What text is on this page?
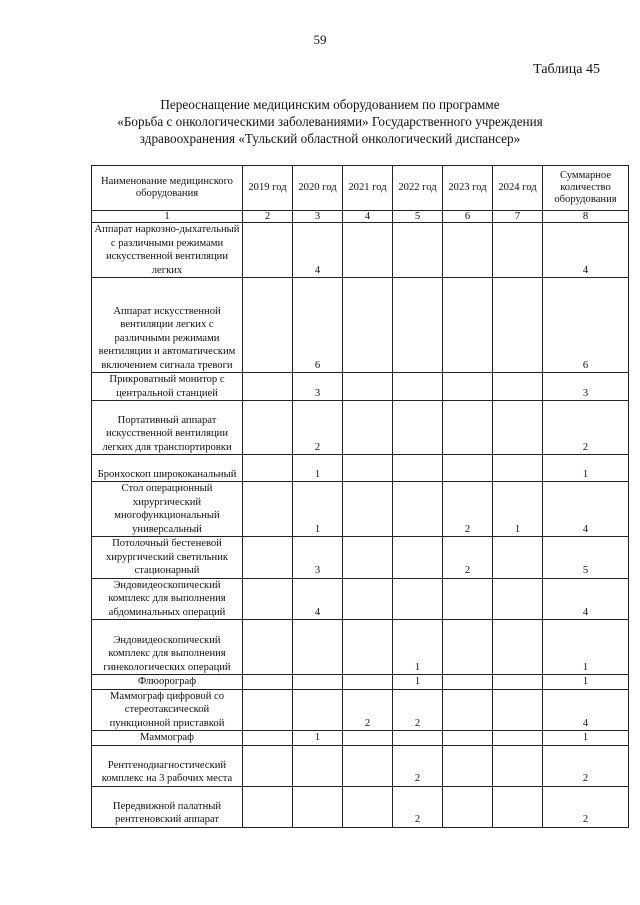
59
Таблица 45
Переоснащение медицинским оборудованием по программе
«Борьба с онкологическими заболеваниями» Государственного учреждения
здравоохранения «Тульский областной онкологический диспансер»
Наименование медицинского оборудования	2019 год	2020 год	2021 год	2022 год	2023 год	2024 год	Суммарное количество оборудования
1	2	3	4	5	6	7	8
Аппарат наркозно-дыхательный с различными режимами искусственной вентиляции легких		4					4
Аппарат искусственной вентиляции легких с различными режимами вентиляции и автоматическим включением сигнала тревоги		6					6
Прикроватный монитор с центральной станцией		3					3
Портативный аппарат искусственной вентиляции легких для транспортировки		2					2
Бронхоскоп ширококанальный		1					1
Стол операционный хирургический многофункциональный универсальный		1			2	1	4
Потолочный бестеневой хирургический светильник стационарный		3			2		5
Эндовидеоскопический комплекс для выполнения абдоминальных операций		4					4
Эндовидеоскопический комплекс для выполнения гинекологических операций				1			1
Флюорограф				1			1
Маммограф цифровой со стереотаксической пункционной приставкой			2	2			4
Маммограф		1					1
Рентгенодиагностический комплекс на 3 рабочих места				2			2
Передвижной палатный рентгеновский аппарат				2			2
